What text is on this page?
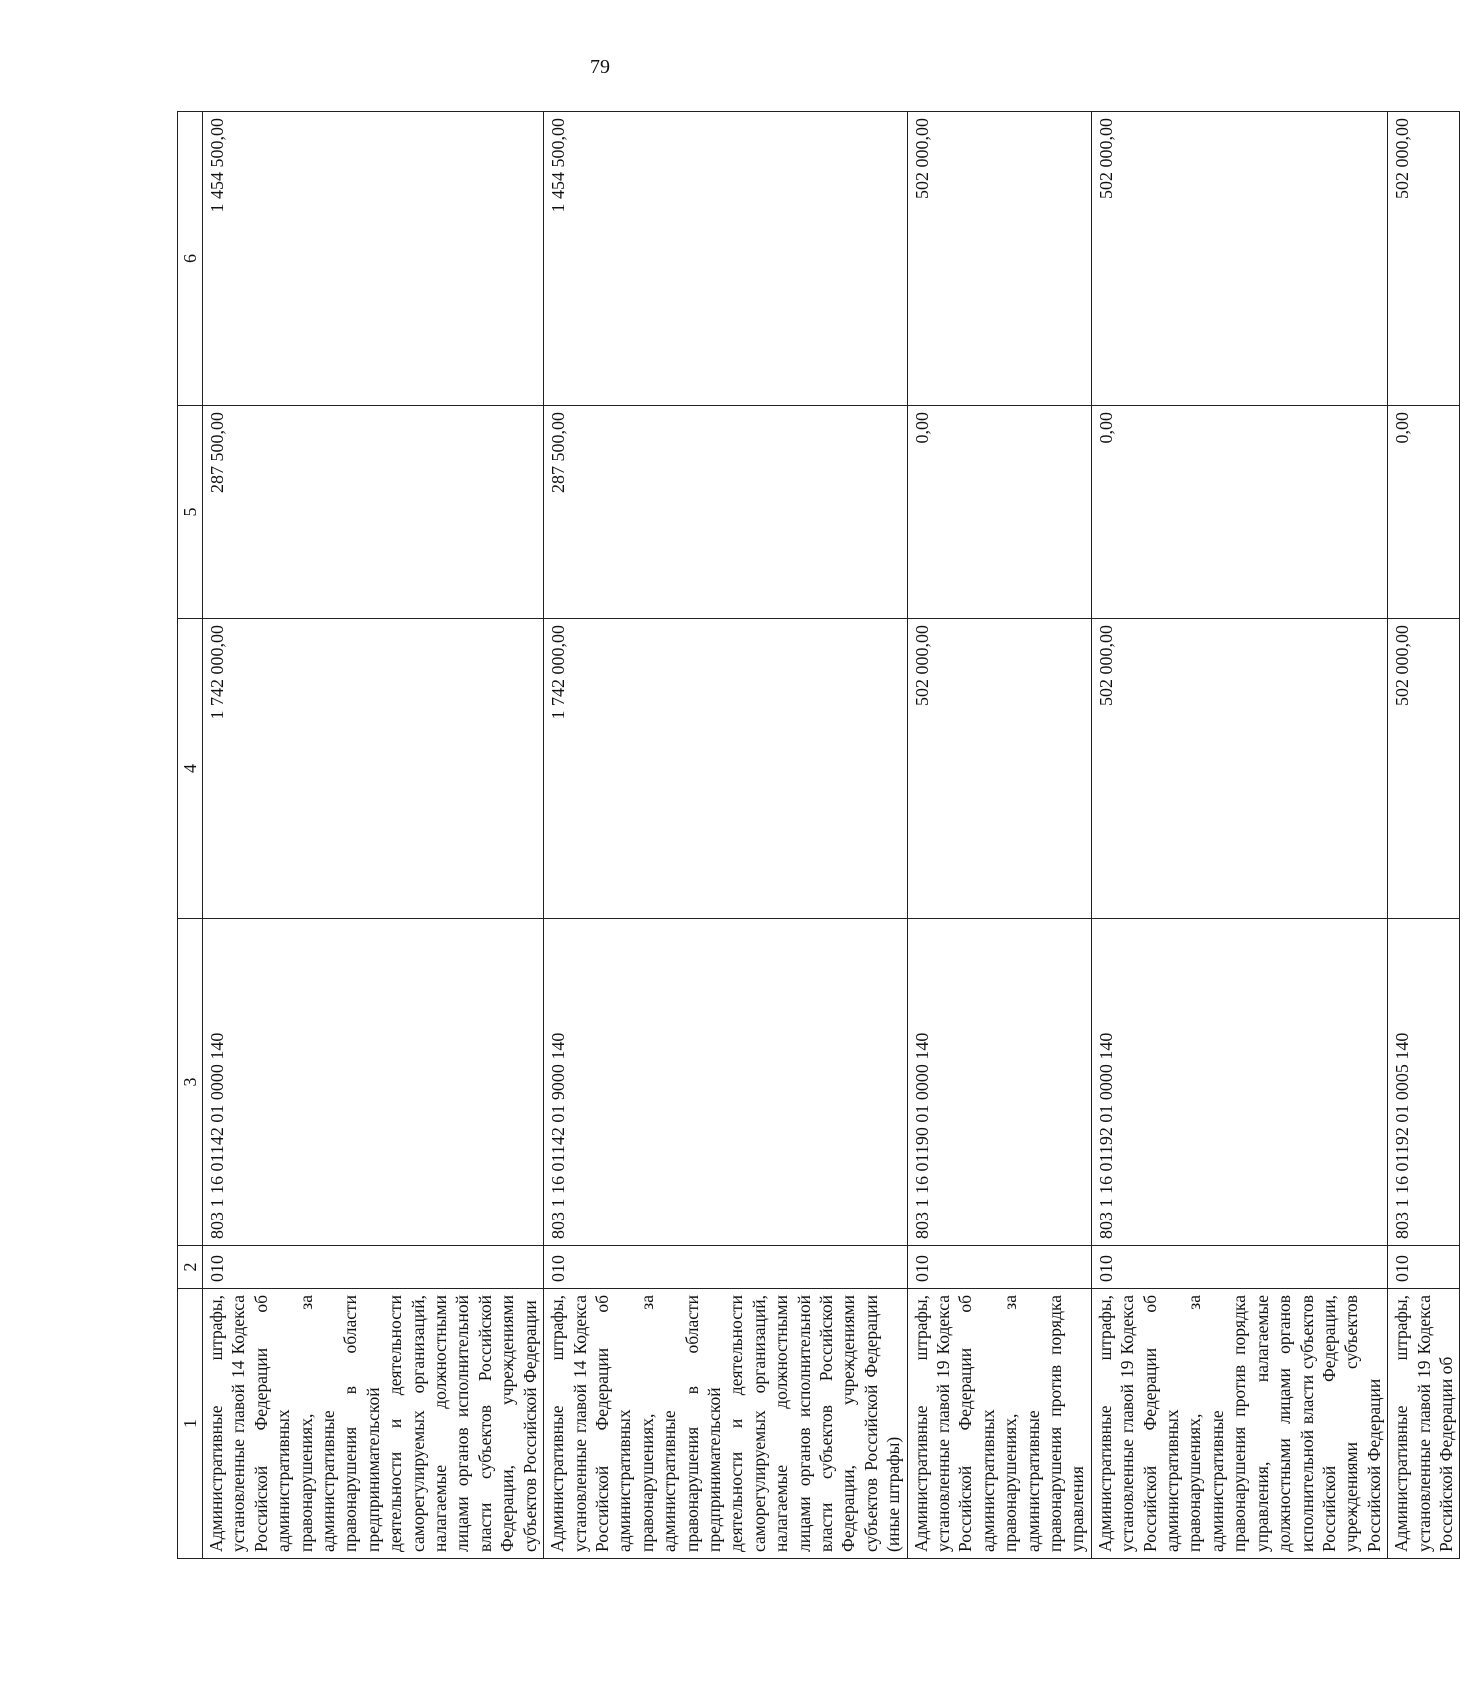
79
1	2	3	4	5	6
Административные штрафы, установленные главой 14 Кодекса Российской Федерации об административных правонарушениях, за административные правонарушения в области предпринимательской деятельности и деятельности саморегулируемых организаций, налагаемые должностными лицами органов исполнительной власти субъектов Российской Федерации, учреждениями субъектов Российской Федерации	010	803 1 16 01142 01 0000 140	1 742 000,00	287 500,00	1 454 500,00
Административные штрафы, установленные главой 14 Кодекса Российской Федерации об административных правонарушениях, за административные правонарушения в области предпринимательской деятельности и деятельности саморегулируемых организаций, налагаемые должностными лицами органов исполнительной власти субъектов Российской Федерации, учреждениями субъектов Российской Федерации (иные штрафы)	010	803 1 16 01142 01 9000 140	1 742 000,00	287 500,00	1 454 500,00
Административные штрафы, установленные главой 19 Кодекса Российской Федерации об административных правонарушениях, за административные правонарушения против порядка управления	010	803 1 16 01190 01 0000 140	502 000,00	0,00	502 000,00
Административные штрафы, установленные главой 19 Кодекса Российской Федерации об административных правонарушениях, за административные правонарушения против порядка управления, налагаемые должностными лицами органов исполнительной власти субъектов Российской Федерации, учреждениями субъектов Российской Федерации	010	803 1 16 01192 01 0000 140	502 000,00	0,00	502 000,00
Административные штрафы, установленные главой 19 Кодекса Российской Федерации об	010	803 1 16 01192 01 0005 140	502 000,00	0,00	502 000,00
